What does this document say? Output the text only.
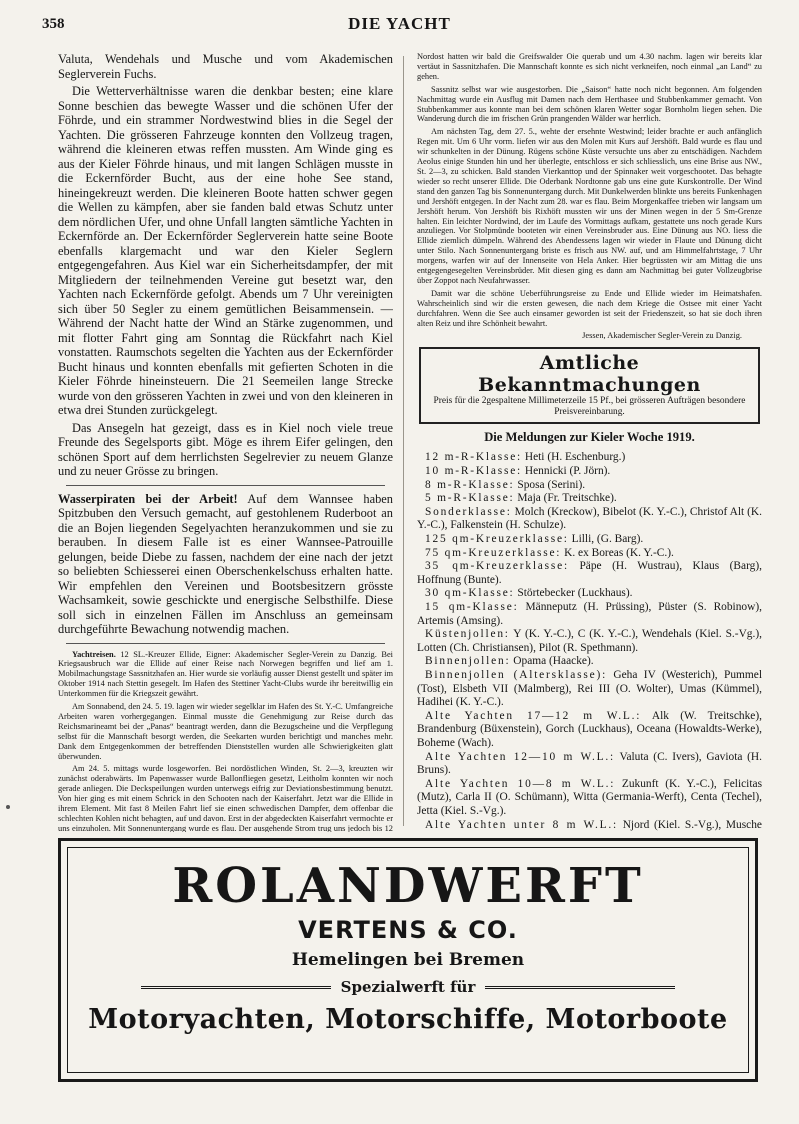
358	DIE YACHT

Valuta, Wendehals und Musche und vom Akademischen Seglerverein Fuchs.

Die Wetterverhältnisse waren die denkbar besten; eine klare Sonne beschien das bewegte Wasser und die schönen Ufer der Föhrde, und ein strammer Nordwestwind blies in die Segel der Yachten. Die grösseren Fahrzeuge konnten den Vollzeug tragen, während die kleineren etwas reffen mussten. Am Winde ging es aus der Kieler Föhrde hinaus, und mit langen Schlägen musste in die Eckernförder Bucht, aus der eine hohe See stand, hineingekreuzt werden. Die kleineren Boote hatten schwer gegen die Wellen zu kämpfen, aber sie fanden bald etwas Schutz unter dem nördlichen Ufer, und ohne Unfall langten sämtliche Yachten in Eckernförde an. Der Eckernförder Seglerverein hatte seine Boote ebenfalls klargemacht und war den Kieler Seglern entgegengefahren. Aus Kiel war ein Sicherheitsdampfer, der mit Mitgliedern der teilnehmenden Vereine gut besetzt war, den Yachten nach Eckernförde gefolgt. Abends um 7 Uhr vereinigten sich über 50 Segler zu einem gemütlichen Beisammensein. — Während der Nacht hatte der Wind an Stärke zugenommen, und mit flotter Fahrt ging am Sonntag die Rückfahrt nach Kiel vonstatten. Raumschots segelten die Yachten aus der Eckernförder Bucht hinaus und konnten ebenfalls mit gefierten Schoten in die Kieler Föhrde hineinsteuern. Die 21 Seemeilen lange Strecke wurde von den grösseren Yachten in zwei und von den kleineren in etwa drei Stunden zurückgelegt.

Das Ansegeln hat gezeigt, dass es in Kiel noch viele treue Freunde des Segelsports gibt. Möge es ihrem Eifer gelingen, den schönen Sport auf dem herrlichsten Segelrevier zu neuem Glanze und zu neuer Grösse zu bringen.

Wasserpiraten bei der Arbeit! Auf dem Wannsee haben Spitzbuben den Versuch gemacht, auf gestohlenem Ruderboot an die an Bojen liegenden Segelyachten heranzukommen und sie zu berauben. In diesem Falle ist es einer Wannsee-Patrouille gelungen, beide Diebe zu fassen, nachdem der eine nach der jetzt so beliebten Schiesserei einen Oberschenkelschuss erhalten hatte. Wir empfehlen den Vereinen und Bootsbesitzern grösste Wachsamkeit, sowie geschickte und energische Selbsthilfe. Diese soll sich in einzelnen Fällen im Anschluss an gemeinsam durchgeführte Bewachung notwendig machen.

Yachtreisen. 12 SL.-Kreuzer Ellide, Eigner: Akademischer Segler-Verein zu Danzig. Bei Kriegsausbruch war die Ellide auf einer Reise nach Norwegen begriffen und lief am 1. Mobilmachungstage Sassnitzhafen an. Hier wurde sie vorläufig ausser Dienst gestellt und später im Oktober 1914 nach Stettin gesegelt. Im Hafen des Stettiner Yacht-Clubs wurde ihr bereitwillig ein Unterkommen für die Kriegszeit gewährt.

Am Sonnabend, den 24. 5. 19. lagen wir wieder segelklar im Hafen des St. Y.-C. Umfangreiche Arbeiten waren vorhergegangen. Einmal musste die Genehmigung zur Reise durch das Reichsmarineamt bei der „Panas“ beantragt werden, dann die Bezugscheine und die Verpflegung selbst für die Mannschaft besorgt werden, die Seekarten wurden berichtigt und manches mehr. Dank dem Entgegenkommen der betreffenden Dienststellen wurden alle Schwierigkeiten glatt überwunden.

Am 24. 5. mittags wurde losgeworfen. Bei nordöstlichen Winden, St. 2—3, kreuzten wir zunächst oderabwärts. Im Papenwasser wurde Ballonfliegen gesetzt, Leitholm konnten wir noch gerade anliegen. Die Deckspeilungen wurden unterwegs eifrig zur Deviationsbestimmung benutzt. Von hier ging es mit einem Schrick in den Schooten nach der Kaiserfahrt. Jetzt war die Ellide in ihrem Element. Mit fast 8 Meilen Fahrt lief sie einen schwedischen Dampfer, dem offenbar die schlechten Kohlen nicht behagten, auf und davon. Erst in der abgedeckten Kaiserfahrt vermochte er uns einzuholen. Mit Sonnenuntergang wurde es flau. Der ausgehende Strom trug uns jedoch bis 12

Nordost hatten wir bald die Greifswalder Oie querab und um 4.30 nachm. lagen wir bereits klar vertäut in Sassnitzhafen. Die Mannschaft konnte es sich nicht verkneifen, noch einmal „an Land“ zu gehen.

Sassnitz selbst war wie ausgestorben. Die „Saison“ hatte noch nicht begonnen. Am folgenden Nachmittag wurde ein Ausflug mit Damen nach dem Herthasee und Stubbenkammer gemacht. Von Stubbenkammer aus konnte man bei dem schönen klaren Wetter sogar Bornholm liegen sehen. Die Wanderung durch die im frischen Grün prangenden Wälder war herrlich.

Am nächsten Tag, dem 27. 5., wehte der ersehnte Westwind; leider brachte er auch anfänglich Regen mit. Um 6 Uhr vorm. liefen wir aus den Molen mit Kurs auf Jershöft. Bald wurde es flau und wir schunkelten in der Dünung. Rügens schöne Küste versuchte uns aber zu entschädigen. Nachdem Aeolus einige Stunden hin und her überlegte, entschloss er sich schliesslich, uns eine Brise aus NW., St. 2—3, zu schicken. Bald standen Vierkanttop und der Spinnaker weit vorgeschootet. Das behagte wieder so recht unserer Ellide. Die Oderbank Nordtonne gab uns eine gute Kurskontrolle. Der Wind stand den ganzen Tag bis Sonnenuntergang durch. Mit Dunkelwerden blinkte uns bereits Funkenhagen und Jershöft entgegen. In der Nacht zum 28. war es flau. Beim Morgenkaffee trieben wir langsam um Jershöft herum. Von Jershöft bis Rixhöft mussten wir uns der Minen wegen in der 5 Sm-Grenze halten. Ein leichter Nordwind, der im Laufe des Vormittags aufkam, gestattete uns noch gerade Kurs anzuliegen. Vor Stolpmünde booteten wir einen Vereinsbruder aus. Eine Dünung aus NO. liess die Ellide ziemlich dümpeln. Während des Abendessens lagen wir wieder in Flaute und Dünung dicht unter Stilo. Nach Sonnenuntergang briste es frisch aus NW. auf, und am Himmelfahrtstage, 7 Uhr morgens, warfen wir auf der Innenseite von Hela Anker. Hier begrüssten wir am Mittag die uns entgegengesegelten Vereinsbrüder. Mit diesen ging es dann am Nachmittag bei guter Vollzeugbrise über Zoppot nach Neufahrwasser.

Damit war die schöne Ueberführungsreise zu Ende und Ellide wieder im Heimatshafen. Wahrscheinlich sind wir die ersten gewesen, die nach dem Kriege die Ostsee mit einer Yacht durchfahren. Wenn die See auch einsamer geworden ist seit der Friedenszeit, so hat sie doch ihren alten Reiz und ihre Schönheit bewahrt.

Jessen, Akademischer Segler-Verein zu Danzig.
Amtliche Bekanntmachungen
Preis für die 2gespaltene Millimeterzeile 15 Pf., bei grösseren Aufträgen besondere Preisvereinbarung.
Die Meldungen zur Kieler Woche 1919.

12 m-R-Klasse: Heti (H. Eschenburg.)

10 m-R-Klasse: Hennicki (P. Jörn).

8 m-R-Klasse: Sposa (Serini).

5 m-R-Klasse: Maja (Fr. Treitschke).

Sonderklasse: Molch (Kreckow), Bibelot (K. Y.-C.), Christof Alt (K. Y.-C.), Falkenstein (H. Schulze).

125 qm-Kreuzerklasse: Lilli, (G. Barg).

75 qm-Kreuzerklasse: K. ex Boreas (K. Y.-C.).

35 qm-Kreuzerklasse: Päpe (H. Wustrau), Klaus (Barg), Hoffnung (Bunte).

30 qm-Klasse: Störtebecker (Luckhaus).

15 qm-Klasse: Männeputz (H. Prüssing), Püster (S. Robinow), Artemis (Amsing).

Küstenjollen: Y (K. Y.-C.), C (K. Y.-C.), Wendehals (Kiel. S.-Vg.), Lotten (Ch. Christiansen), Pilot (R. Spethmann).

Binnenjollen: Opama (Haacke).

Binnenjollen (Altersklasse): Geha IV (Westerich), Pummel (Tost), Elsbeth VII (Malmberg), Rei III (O. Wolter), Umas (Kümmel), Hadihei (K. Y.-C.).

Alte Yachten 17—12 m W.L.: Alk (W. Treitschke), Brandenburg (Büxenstein), Gorch (Luckhaus), Oceana (Howaldts-Werke), Boheme (Wach).

Alte Yachten 12—10 m W.L.: Valuta (C. Ivers), Gaviota (H. Bruns).

Alte Yachten 10—8 m W.L.: Zukunft (K. Y.-C.), Felicitas (Mutz), Carla II (O. Schümann), Witta (Germania-Werft), Centa (Techel), Jetta (Kiel. S.-Vg.).

Alte Yachten unter 8 m W.L.: Njord (Kiel. S.-Vg.), Musche

ROLANDWERFT
VERTENS & CO.
Hemelingen bei Bremen
Spezialwerft für
Motoryachten, Motorschiffe, Motorboote
